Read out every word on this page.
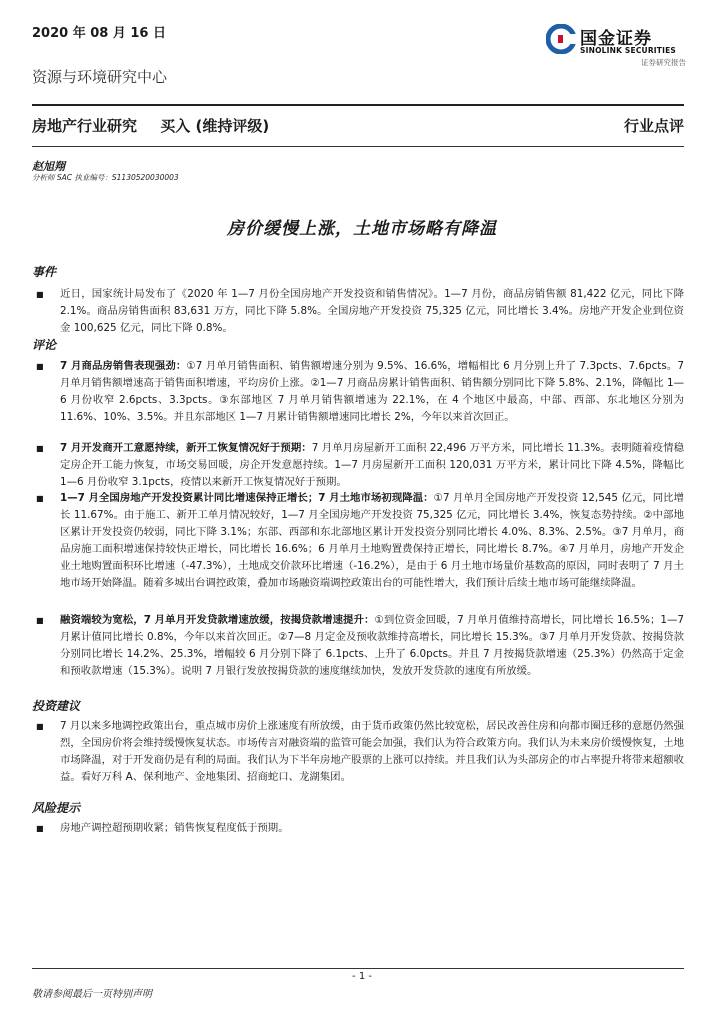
2020 年 08 月 16 日	国金证券
SINOLINK SECURITIES
证券研究报告
资源与环境研究中心
房地产行业研究 买入 (维持评级)	行业点评
赵旭翔
分析师 SAC 执业编号：S1130520030003
房价缓慢上涨，土地市场略有降温
事件
■ 近日，国家统计局发布了《2020 年 1—7 月份全国房地产开发投资和销售情况》。1—7 月份，商品房销售额 81,422 亿元，同比下降 2.1%。商品房销售面积 83,631 万方，同比下降 5.8%。全国房地产开发投资 75,325 亿元，同比增长 3.4%。房地产开发企业到位资金 100,625 亿元，同比下降 0.8%。
评论
■ 7 月商品房销售表现强劲：①7 月单月销售面积、销售额增速分别为 9.5%、16.6%，增幅相比 6 月分别上升了 7.3pcts、7.6pcts。7 月单月销售额增速高于销售面积增速，平均房价上涨。②1—7 月商品房累计销售面积、销售额分别同比下降 5.8%、2.1%，降幅比 1—6 月份收窄 2.6pcts、3.3pcts。③东部地区 7 月单月销售额增速为 22.1%，在 4 个地区中最高，中部、西部、东北地区分别为 11.6%、10%、3.5%。并且东部地区 1—7 月累计销售额增速同比增长 2%，今年以来首次回正。
■ 7 月开发商开工意愿持续，新开工恢复情况好于预期：7 月单月房屋新开工面积 22,496 万平方米，同比增长 11.3%。表明随着疫情稳定房企开工能力恢复，市场交易回暖，房企开发意愿持续。1—7 月房屋新开工面积 120,031 万平方米，累计同比下降 4.5%，降幅比 1—6 月份收窄 3.1pcts，疫情以来新开工恢复情况好于预期。
■ 1—7 月全国房地产开发投资累计同比增速保持正增长；7 月土地市场初现降温：①7 月单月全国房地产开发投资 12,545 亿元，同比增长 11.67%。由于施工、新开工单月情况较好，1—7 月全国房地产开发投资 75,325 亿元，同比增长 3.4%，恢复态势持续。②中部地区累计开发投资仍较弱，同比下降 3.1%；东部、西部和东北部地区累计开发投资分别同比增长 4.0%、8.3%、2.5%。③7 月单月，商品房施工面积增速保持较快正增长，同比增长 16.6%；6 月单月土地购置费保持正增长，同比增长 8.7%。④7 月单月，房地产开发企业土地购置面积环比增速（-47.3%），土地成交价款环比增速（-16.2%），是由于 6 月土地市场量价基数高的原因，同时表明了 7 月土地市场开始降温。随着多城出台调控政策，叠加市场融资端调控政策出台的可能性增大，我们预计后续土地市场可能继续降温。
■ 融资端较为宽松，7 月单月开发贷款增速放缓，按揭贷款增速提升：①到位资金回暖，7 月单月值维持高增长，同比增长 16.5%；1—7 月累计值同比增长 0.8%，今年以来首次回正。②7—8 月定金及预收款维持高增长，同比增长 15.3%。③7 月单月开发贷款、按揭贷款分别同比增长 14.2%、25.3%，增幅较 6 月分别下降了 6.1pcts、上升了 6.0pcts。并且 7 月按揭贷款增速（25.3%）仍然高于定金和预收款增速（15.3%）。说明 7 月银行发放按揭贷款的速度继续加快，发放开发贷款的速度有所放缓。
投资建议
■ 7 月以来多地调控政策出台，重点城市房价上涨速度有所放缓，由于货币政策仍然比较宽松，居民改善住房和向都市圈迁移的意愿仍然强烈，全国房价将会维持缓慢恢复状态。市场传言对融资端的监管可能会加强，我们认为符合政策方向。我们认为未来房价缓慢恢复，土地市场降温，对于开发商仍是有利的局面。我们认为下半年房地产股票的上涨可以持续。并且我们认为头部房企的市占率提升将带来超额收益。看好万科 A、保利地产、金地集团、招商蛇口、龙湖集团。
风险提示
■ 房地产调控超预期收紧；销售恢复程度低于预期。
- 1 -
敬请参阅最后一页特别声明
